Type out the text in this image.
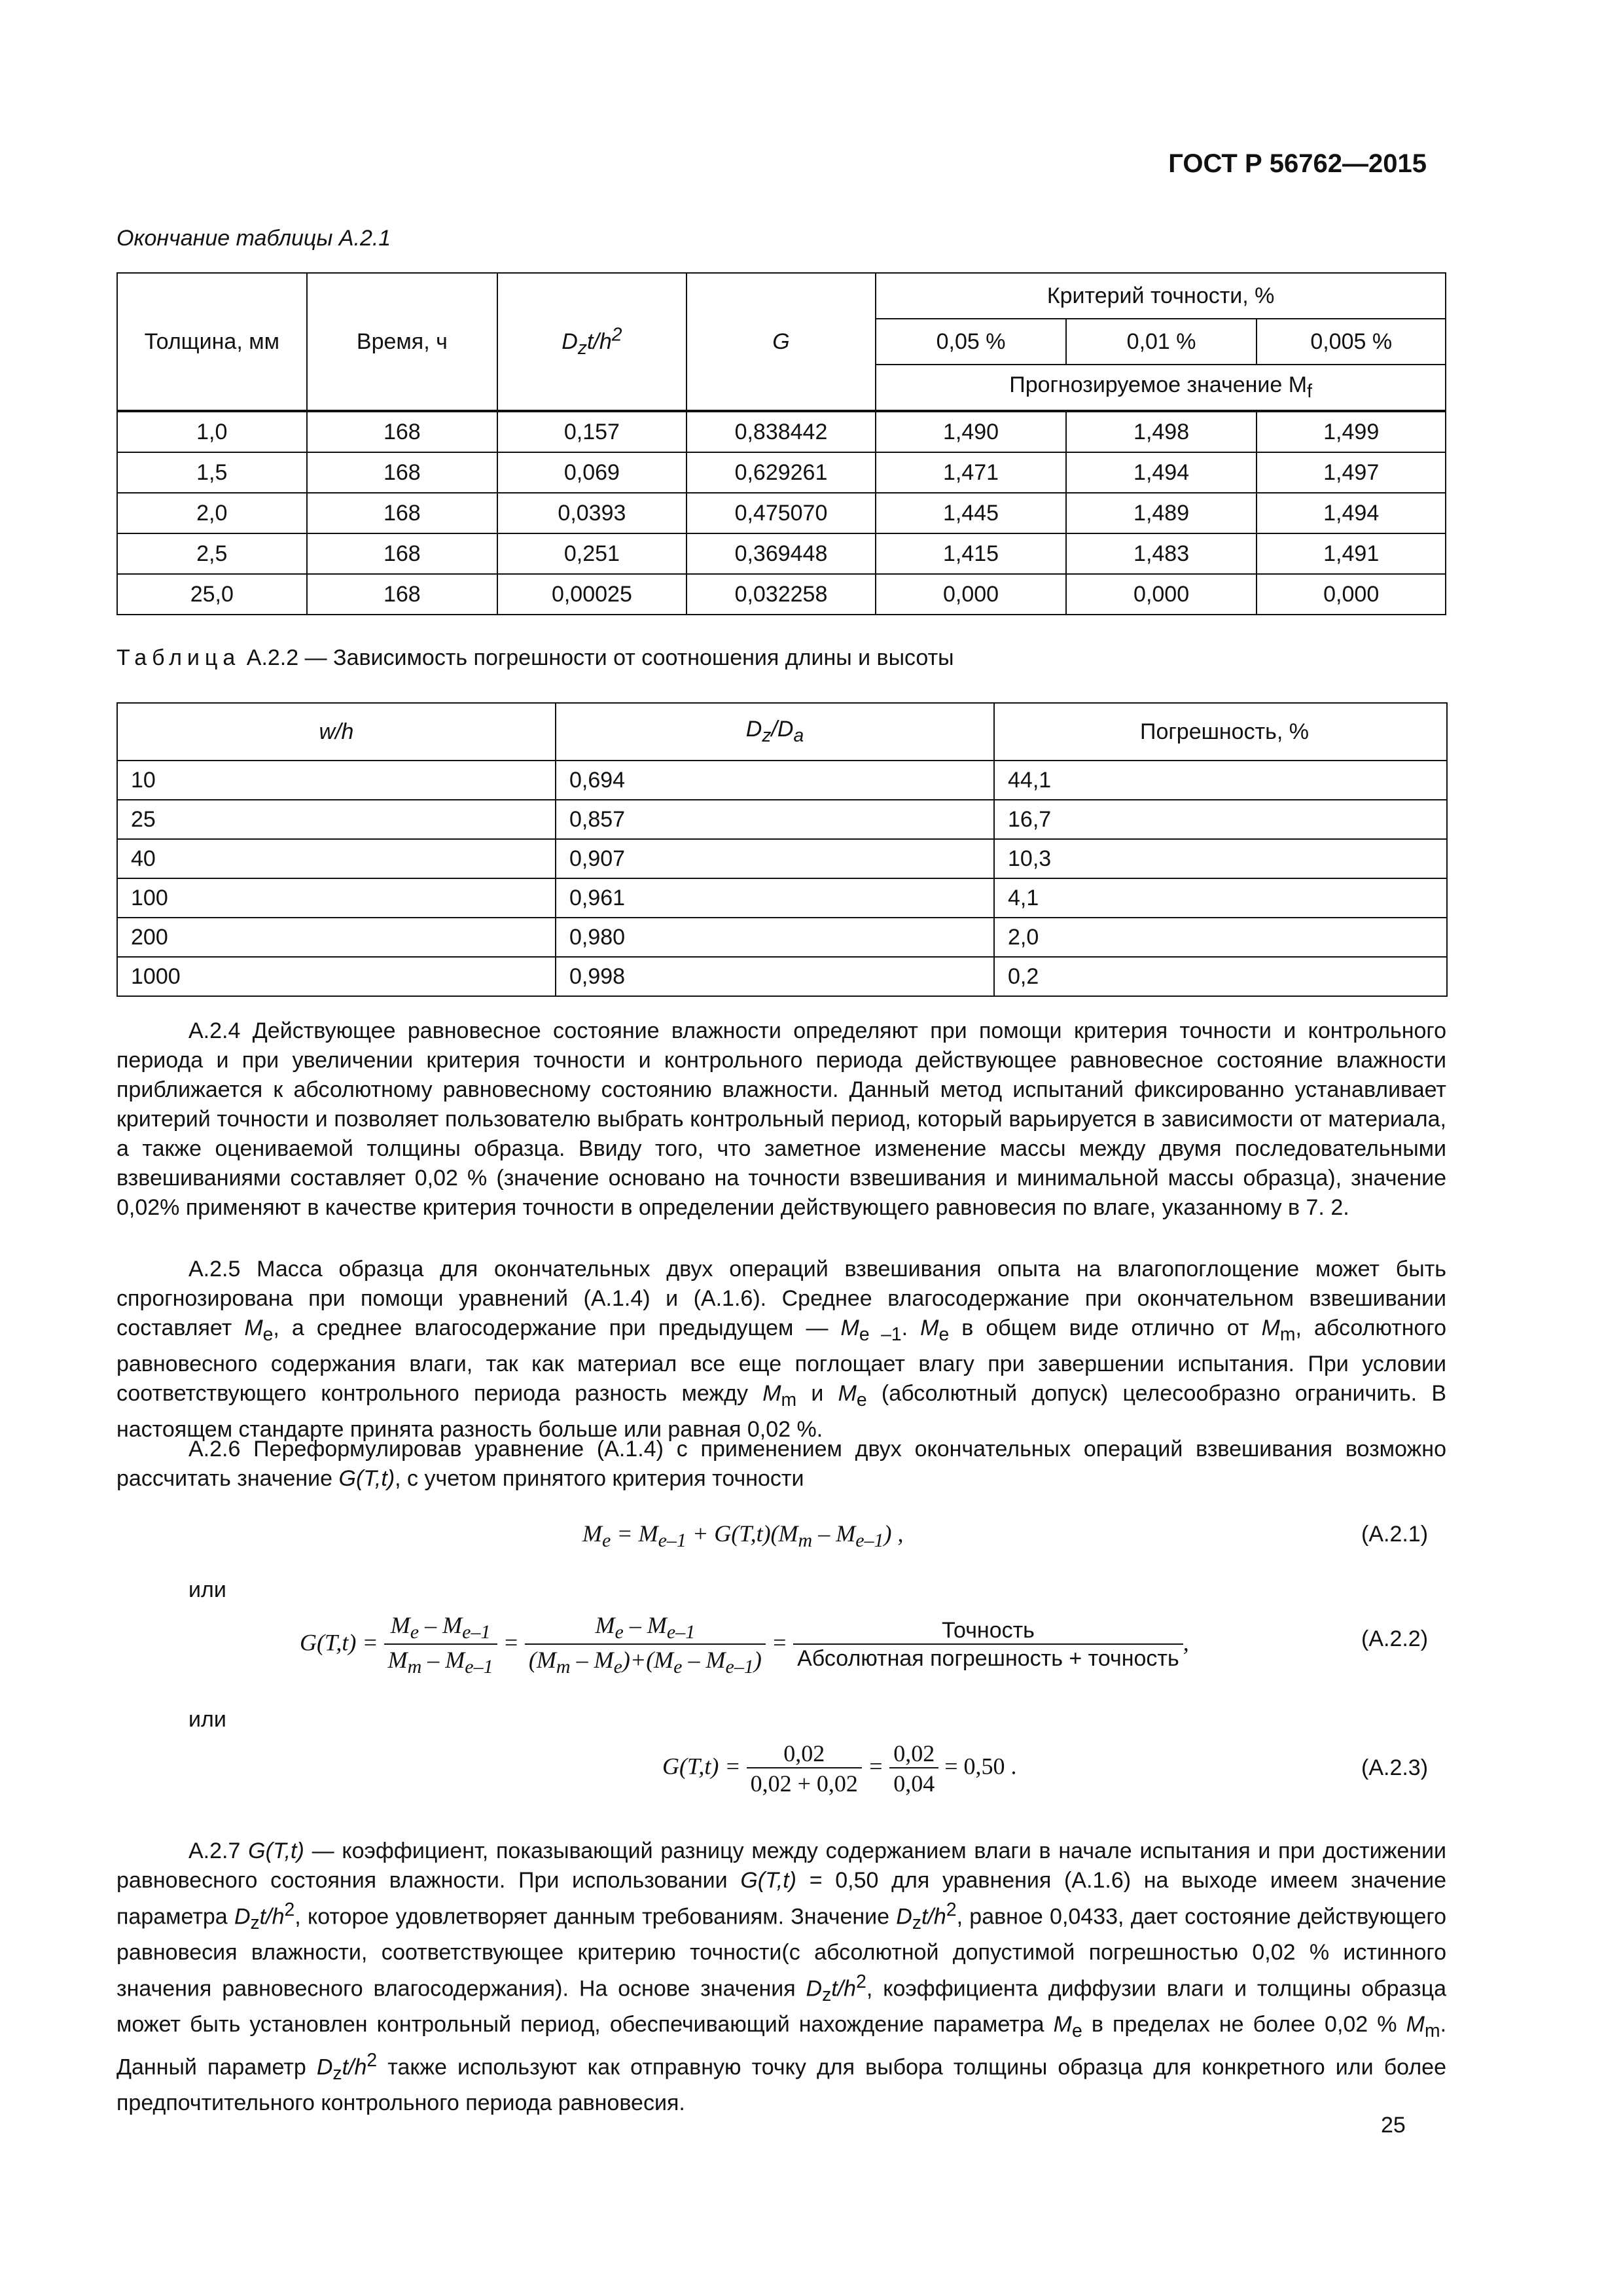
ГОСТ Р 56762—2015
Окончание таблицы А.2.1
Толщина, мм	Время, ч	$D_zt/h^2$	G	Критерий точности, %		
				0,05 %	0,01 %	0,005 %
				Прогнозируемое значение $M_f$
1,0	168	0,157	0,838442	1,490	1,498	1,499
1,5	168	0,069	0,629261	1,471	1,494	1,497
2,0	168	0,0393	0,475070	1,445	1,489	1,494
2,5	168	0,251	0,369448	1,415	1,483	1,491
25,0	168	0,00025	0,032258	0,000	0,000	0,000
Таблица А.2.2 — Зависимость погрешности от соотношения длины и высоты
w/h	$D_z/D_a$	Погрешность, %
10	0,694	44,1
25	0,857	16,7
40	0,907	10,3
100	0,961	4,1
200	0,980	2,0
1000	0,998	0,2
А.2.4 Действующее равновесное состояние влажности определяют при помощи критерия точности и контрольного периода и при увеличении критерия точности и контрольного периода действующее равновесное состояние влажности приближается к абсолютному равновесному состоянию влажности. Данный метод испытаний фиксированно устанавливает критерий точности и позволяет пользователю выбрать контрольный период, который варьируется в зависимости от материала, а также оцениваемой толщины образца. Ввиду того, что заметное изменение массы между двумя последовательными взвешиваниями составляет 0,02 % (значение основано на точности взвешивания и минимальной массы образца), значение 0,02% применяют в качестве критерия точности в определении действующего равновесия по влаге, указанному в 7. 2.
А.2.5 Масса образца для окончательных двух операций взвешивания опыта на влагопоглощение может быть спрогнозирована при помощи уравнений (А.1.4) и (А.1.6). Среднее влагосодержание при окончательном взвешивании составляет $M_e$, а среднее влагосодержание при предыдущем — $M_{e -1}$. $M_e$ в общем виде отлично от $M_m$, абсолютного равновесного содержания влаги, так как материал все еще поглощает влагу при завершении испытания. При условии соответствующего контрольного периода разность между $M_m$ и $M_e$ (абсолютный допуск) целесообразно ограничить. В настоящем стандарте принята разность больше или равная 0,02 %.
А.2.6 Переформулировав уравнение (А.1.4) с применением двух окончательных операций взвешивания возможно рассчитать значение G(T,t), с учетом принятого критерия точности
$M_e = M_{e-1} + G(T,t)(M_m - M_{e-1})$ ,	(А.2.1)
или
$G(T,t) = \frac{M_e - M_{e-1}}{M_m - M_{e-1}} = \frac{M_e - M_{e-1}}{(M_m - M_e)+(M_e - M_{e-1})} = \frac{\text{Точность}}{\text{Абсолютная погрешность + точность}}$ ,	(А.2.2)
или
$G(T,t) = \frac{0,02}{0,02 + 0,02} = \frac{0,02}{0,04} = 0,50$ .	(А.2.3)
А.2.7 G(T,t) — коэффициент, показывающий разницу между содержанием влаги в начале испытания и при достижении равновесного состояния влажности. При использовании G(T,t) = 0,50 для уравнения (А.1.6) на выходе имеем значение параметра $D_zt/h^2$, которое удовлетворяет данным требованиям. Значение $D_zt/h^2$, равное 0,0433, дает состояние действующего равновесия влажности, соответствующее критерию точности(с абсолютной допустимой погрешностью 0,02 % истинного значения равновесного влагосодержания). На основе значения $D_zt/h^2$, коэффициента диффузии влаги и толщины образца может быть установлен контрольный период, обеспечивающий нахождение параметра $M_e$ в пределах не более 0,02 % $M_m$. Данный параметр $D_zt/h^2$ также используют как отправную точку для выбора толщины образца для конкретного или более предпочтительного контрольного периода равновесия.
25
